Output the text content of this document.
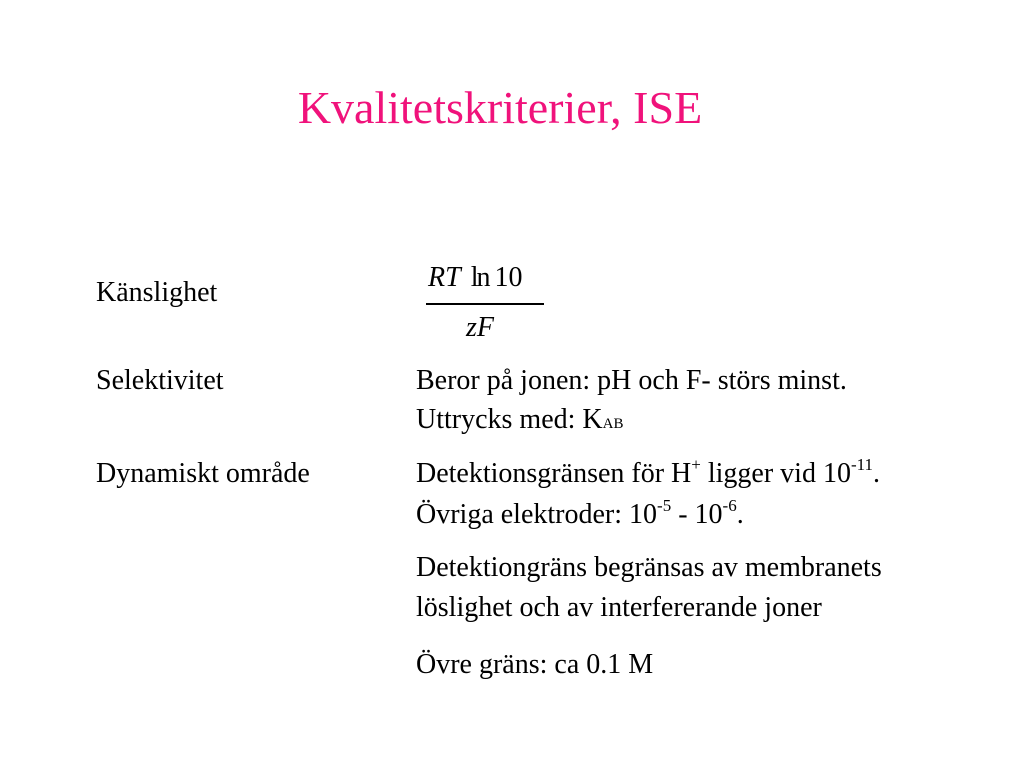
Kvalitetskriterier, ISE
Känslighet	RT ln 10
zF
Selektivitet	Beror på jonen: pH och F- störs minst.
Uttrycks med: KAB
Dynamiskt område	Detektionsgränsen för H+ ligger vid $10^{-11}$.
Övriga elektroder: $10^{-5} - 10^{-6}$.
Detektiongräns begränsas av membranets
löslighet och av interfererande joner
Övre gräns: ca 0.1 M
